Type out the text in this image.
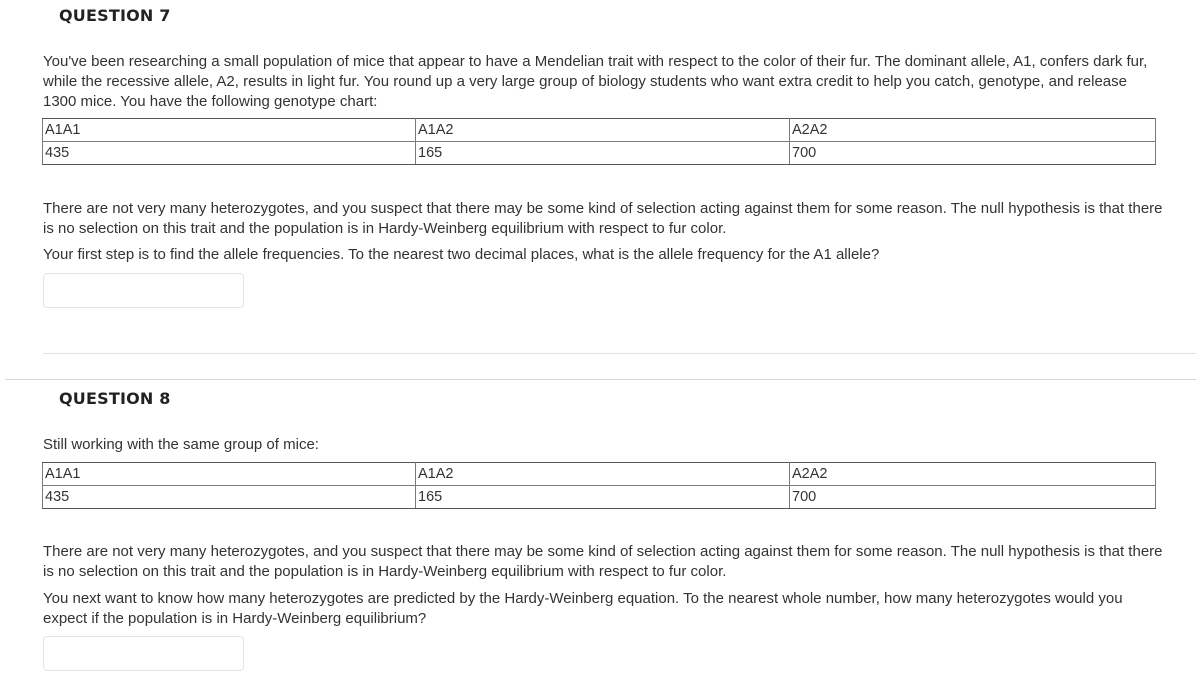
QUESTION 7

You've been researching a small population of mice that appear to have a Mendelian trait with respect to the color of their fur. The dominant allele, A1, confers dark fur, while the recessive allele, A2, results in light fur. You round up a very large group of biology students who want extra credit to help you catch, genotype, and release 1300 mice. You have the following genotype chart:

A1A1	A1A2	A2A2
435	165	700

There are not very many heterozygotes, and you suspect that there may be some kind of selection acting against them for some reason. The null hypothesis is that there is no selection on this trait and the population is in Hardy-Weinberg equilibrium with respect to fur color.

Your first step is to find the allele frequencies. To the nearest two decimal places, what is the allele frequency for the A1 allele?

QUESTION 8

Still working with the same group of mice:

A1A1	A1A2	A2A2
435	165	700

There are not very many heterozygotes, and you suspect that there may be some kind of selection acting against them for some reason. The null hypothesis is that there is no selection on this trait and the population is in Hardy-Weinberg equilibrium with respect to fur color.

You next want to know how many heterozygotes are predicted by the Hardy-Weinberg equation. To the nearest whole number, how many heterozygotes would you expect if the population is in Hardy-Weinberg equilibrium?
